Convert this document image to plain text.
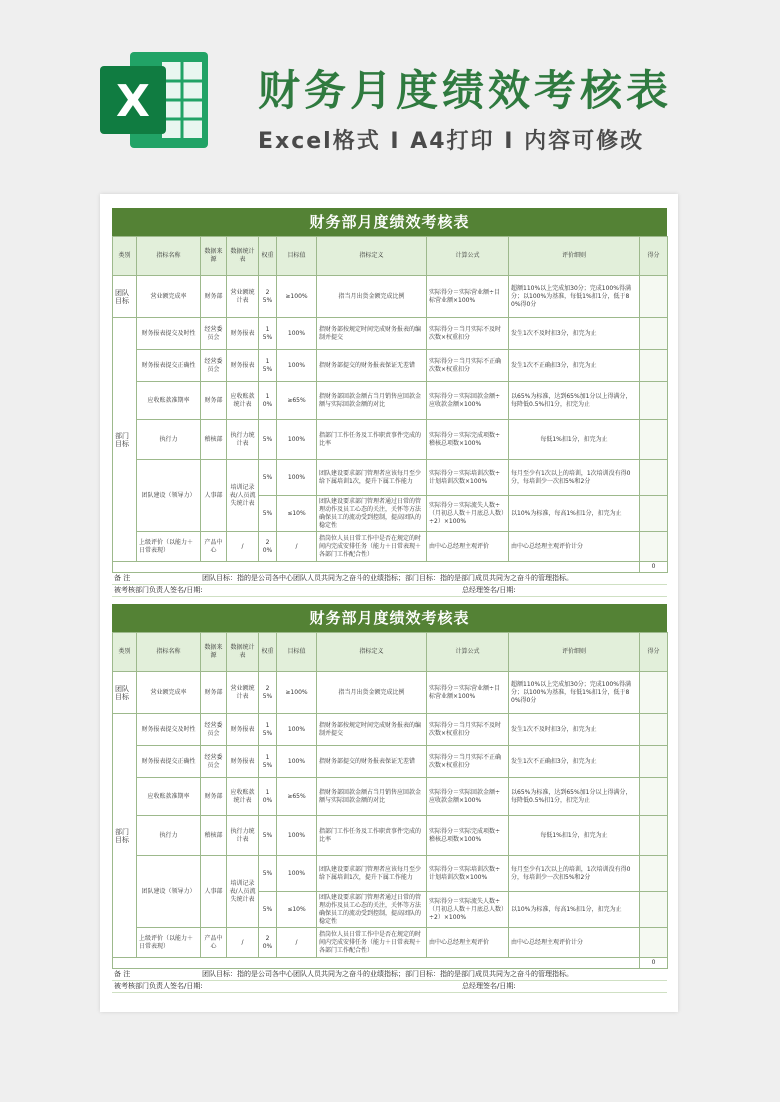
X	财务月度绩效考核表
Excel格式 I A4打印 I 内容可修改
财务部月度绩效考核表
类别	指标名称	数据来源	数据统计表	权重	目标值	指标定义	计算公式	评价细则	得分
团队目标	营业额完成率	财务部	营业额统计表	25%	≥100%	指当月出货金额完成比例	实际得分＝实际营业额÷目标营业额×100%	超额110%以上完成加30分；完成100%得满分；以100%为基准，每低1%扣1分，低于80%得0分	
部门目标	财务报表提交及时性	经营委员会	财务报表	15%	100%	指财务部按规定时间完成财务报表的编制并提交	实际得分＝当月实际不及时次数×权重扣分	发生1次不及时扣3分，扣完为止	
	财务报表提交正确性	经营委员会	财务报表	15%	100%	指财务部提交的财务报表保证无差错	实际得分＝当月实际不正确次数×权重扣分	发生1次不正确扣3分，扣完为止	
	应收账款准期率	财务部	应收账款统计表	10%	≥65%	指财务部回款金额占当月销售应回款金额与实际回款金额的对比	实际得分＝实际回款金额÷应收款金额×100%	以65%为标准，达到65%加1分以上得满分，每降低0.5%扣1分，扣完为止	
	执行力	稽核部	执行力统计表	5%	100%	指部门工作任务及工作职责事件完成的比率	实际得分＝实际完成项数÷稽核总项数×100%	每低1%扣1分，扣完为止	
	团队建设（领导力）	人事部	培训记录表/人员流失统计表	5%	100%	团队建设要求部门管理者应该每月至少给下属培训1次，提升下属工作能力	实际得分＝实际培训次数÷计划培训次数×100%	每月至少有1次以上的培训，1次培训没有得0分，每培训少一次扣5%和2分	
				5%	≤10%	团队建设要求部门管理者通过日常的管理动作及员工心态的关注，关怀等方法确保员工的流动受到控制，提高团队的稳定性	实际得分＝实际流失人数÷（月初总人数＋月底总人数）÷2）×100%	以10%为标准，每高1%扣1分，扣完为止	
	上级评价（以能力＋日常表现）	产品中心	/	20%	/	指岗位人员日常工作中是否在规定的时间内完成安排任务（能力＋日常表现＋各部门工作配合性）	由中心总经理主观评价	由中心总经理主观评价计分	
									0
备 注	团队目标：指的是公司各中心团队人员共同为之奋斗的业绩指标；部门目标：指的是部门成员共同为之奋斗的管理指标。
被考核部门负责人签名/日期:	总经理签名/日期:
财务部月度绩效考核表
类别	指标名称	数据来源	数据统计表	权重	目标值	指标定义	计算公式	评价细则	得分
团队目标	营业额完成率	财务部	营业额统计表	25%	≥100%	指当月出货金额完成比例	实际得分＝实际营业额÷目标营业额×100%	超额110%以上完成加30分；完成100%得满分；以100%为基准，每低1%扣1分，低于80%得0分	
部门目标	财务报表提交及时性	经营委员会	财务报表	15%	100%	指财务部按规定时间完成财务报表的编制并提交	实际得分＝当月实际不及时次数×权重扣分	发生1次不及时扣3分，扣完为止	
	财务报表提交正确性	经营委员会	财务报表	15%	100%	指财务部提交的财务报表保证无差错	实际得分＝当月实际不正确次数×权重扣分	发生1次不正确扣3分，扣完为止	
	应收账款准期率	财务部	应收账款统计表	10%	≥65%	指财务部回款金额占当月销售应回款金额与实际回款金额的对比	实际得分＝实际回款金额÷应收款金额×100%	以65%为标准，达到65%加1分以上得满分，每降低0.5%扣1分，扣完为止	
	执行力	稽核部	执行力统计表	5%	100%	指部门工作任务及工作职责事件完成的比率	实际得分＝实际完成项数÷稽核总项数×100%	每低1%扣1分，扣完为止	
	团队建设（领导力）	人事部	培训记录表/人员流失统计表	5%	100%	团队建设要求部门管理者应该每月至少给下属培训1次，提升下属工作能力	实际得分＝实际培训次数÷计划培训次数×100%	每月至少有1次以上的培训，1次培训没有得0分，每培训少一次扣5%和2分	
				5%	≤10%	团队建设要求部门管理者通过日常的管理动作及员工心态的关注，关怀等方法确保员工的流动受到控制，提高团队的稳定性	实际得分＝实际流失人数÷（月初总人数＋月底总人数）÷2）×100%	以10%为标准，每高1%扣1分，扣完为止	
	上级评价（以能力＋日常表现）	产品中心	/	20%	/	指岗位人员日常工作中是否在规定的时间内完成安排任务（能力＋日常表现＋各部门工作配合性）	由中心总经理主观评价	由中心总经理主观评价计分	
									0
备 注	团队目标：指的是公司各中心团队人员共同为之奋斗的业绩指标；部门目标：指的是部门成员共同为之奋斗的管理指标。
被考核部门负责人签名/日期:	总经理签名/日期:
